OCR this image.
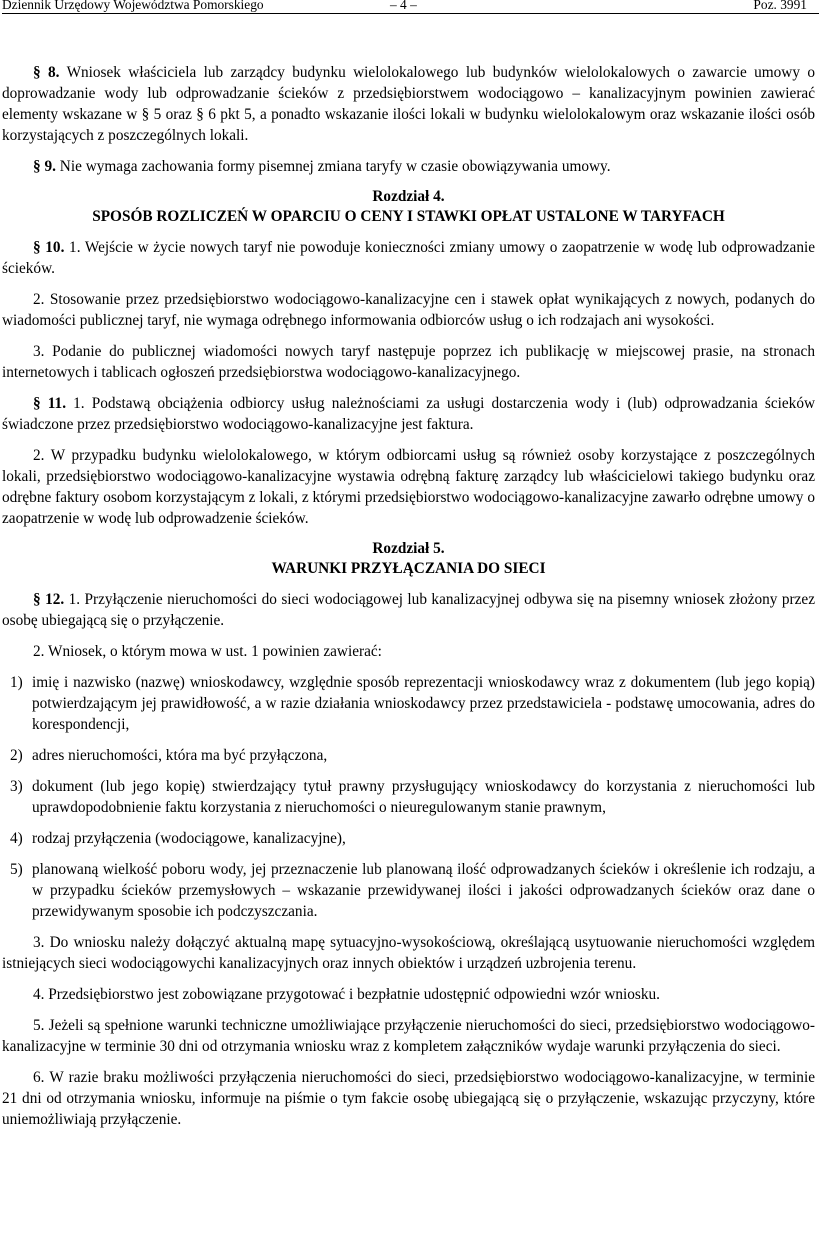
Dziennik Urzędowy Województwa Pomorskiego	– 4 –	Poz. 3991

§ 8. Wniosek właściciela lub zarządcy budynku wielolokalowego lub budynków wielolokalowych o zawarcie umowy o doprowadzanie wody lub odprowadzanie ścieków z przedsiębiorstwem wodociągowo – kanalizacyjnym powinien zawierać elementy wskazane w § 5 oraz § 6 pkt 5, a ponadto wskazanie ilości lokali w budynku wielolokalowym oraz wskazanie ilości osób korzystających z poszczególnych lokali.

§ 9. Nie wymaga zachowania formy pisemnej zmiana taryfy w czasie obowiązywania umowy.

Rozdział 4.
SPOSÓB ROZLICZEŃ W OPARCIU O CENY I STAWKI OPŁAT USTALONE W TARYFACH

§ 10. 1. Wejście w życie nowych taryf nie powoduje konieczności zmiany umowy o zaopatrzenie w wodę lub odprowadzanie ścieków.

2. Stosowanie przez przedsiębiorstwo wodociągowo-kanalizacyjne cen i stawek opłat wynikających z nowych, podanych do wiadomości publicznej taryf, nie wymaga odrębnego informowania odbiorców usług o ich rodzajach ani wysokości.

3. Podanie do publicznej wiadomości nowych taryf następuje poprzez ich publikację w miejscowej prasie, na stronach internetowych i tablicach ogłoszeń przedsiębiorstwa wodociągowo-kanalizacyjnego.

§ 11. 1. Podstawą obciążenia odbiorcy usług należnościami za usługi dostarczenia wody i (lub) odprowadzania ścieków świadczone przez przedsiębiorstwo wodociągowo-kanalizacyjne jest faktura.

2. W przypadku budynku wielolokalowego, w którym odbiorcami usług są również osoby korzystające z poszczególnych lokali, przedsiębiorstwo wodociągowo-kanalizacyjne wystawia odrębną fakturę zarządcy lub właścicielowi takiego budynku oraz odrębne faktury osobom korzystającym z lokali, z którymi przedsiębiorstwo wodociągowo-kanalizacyjne zawarło odrębne umowy o zaopatrzenie w wodę lub odprowadzenie ścieków.

Rozdział 5.
WARUNKI PRZYŁĄCZANIA DO SIECI

§ 12. 1. Przyłączenie nieruchomości do sieci wodociągowej lub kanalizacyjnej odbywa się na pisemny wniosek złożony przez osobę ubiegającą się o przyłączenie.

2. Wniosek, o którym mowa w ust. 1 powinien zawierać:

1) imię i nazwisko (nazwę) wnioskodawcy, względnie sposób reprezentacji wnioskodawcy wraz z dokumentem (lub jego kopią) potwierdzającym jej prawidłowość, a w razie działania wnioskodawcy przez przedstawiciela - podstawę umocowania, adres do korespondencji,
2) adres nieruchomości, która ma być przyłączona,
3) dokument (lub jego kopię) stwierdzający tytuł prawny przysługujący wnioskodawcy do korzystania z nieruchomości lub uprawdopodobnienie faktu korzystania z nieruchomości o nieuregulowanym stanie prawnym,
4) rodzaj przyłączenia (wodociągowe, kanalizacyjne),
5) planowaną wielkość poboru wody, jej przeznaczenie lub planowaną ilość odprowadzanych ścieków i określenie ich rodzaju, a w przypadku ścieków przemysłowych – wskazanie przewidywanej ilości i jakości odprowadzanych ścieków oraz dane o przewidywanym sposobie ich podczyszczania.

3. Do wniosku należy dołączyć aktualną mapę sytuacyjno-wysokościową, określającą usytuowanie nieruchomości względem istniejących sieci wodociągowychi kanalizacyjnych oraz innych obiektów i urządzeń uzbrojenia terenu.

4. Przedsiębiorstwo jest zobowiązane przygotować i bezpłatnie udostępnić odpowiedni wzór wniosku.

5. Jeżeli są spełnione warunki techniczne umożliwiające przyłączenie nieruchomości do sieci, przedsiębiorstwo wodociągowo-kanalizacyjne w terminie 30 dni od otrzymania wniosku wraz z kompletem załączników wydaje warunki przyłączenia do sieci.

6. W razie braku możliwości przyłączenia nieruchomości do sieci, przedsiębiorstwo wodociągowo-kanalizacyjne, w terminie 21 dni od otrzymania wniosku, informuje na piśmie o tym fakcie osobę ubiegającą się o przyłączenie, wskazując przyczyny, które uniemożliwiają przyłączenie.
